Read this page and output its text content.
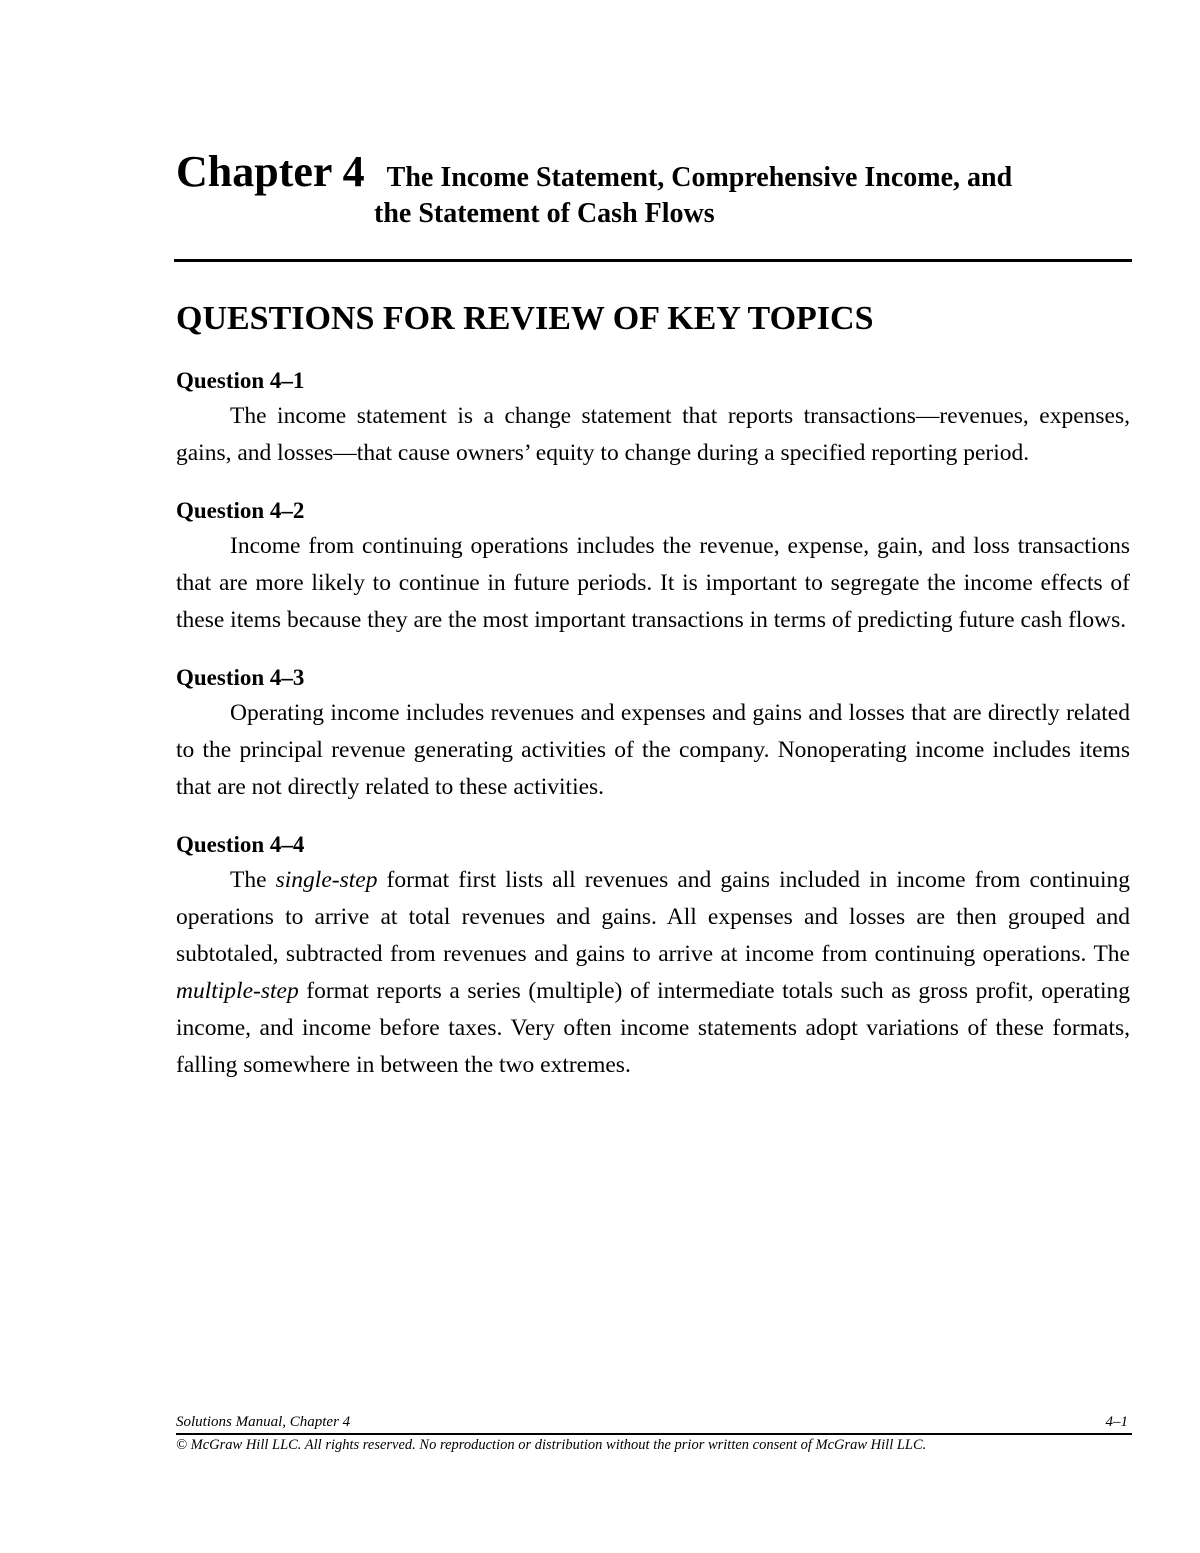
Chapter 4 The Income Statement, Comprehensive Income, and
the Statement of Cash Flows
QUESTIONS FOR REVIEW OF KEY TOPICS
Question 4–1

The income statement is a change statement that reports transactions—revenues, expenses, gains, and losses—that cause owners’ equity to change during a specified reporting period.

Question 4–2

Income from continuing operations includes the revenue, expense, gain, and loss transactions that are more likely to continue in future periods. It is important to segregate the income effects of these items because they are the most important transactions in terms of predicting future cash flows.

Question 4–3

Operating income includes revenues and expenses and gains and losses that are directly related to the principal revenue generating activities of the company. Nonoperating income includes items that are not directly related to these activities.

Question 4–4

The single-step format first lists all revenues and gains included in income from continuing operations to arrive at total revenues and gains. All expenses and losses are then grouped and subtotaled, subtracted from revenues and gains to arrive at income from continuing operations. The multiple-step format reports a series (multiple) of intermediate totals such as gross profit, operating income, and income before taxes. Very often income statements adopt variations of these formats, falling somewhere in between the two extremes.

Solutions Manual, Chapter 4	4–1
© McGraw Hill LLC. All rights reserved. No reproduction or distribution without the prior written consent of McGraw Hill LLC.
